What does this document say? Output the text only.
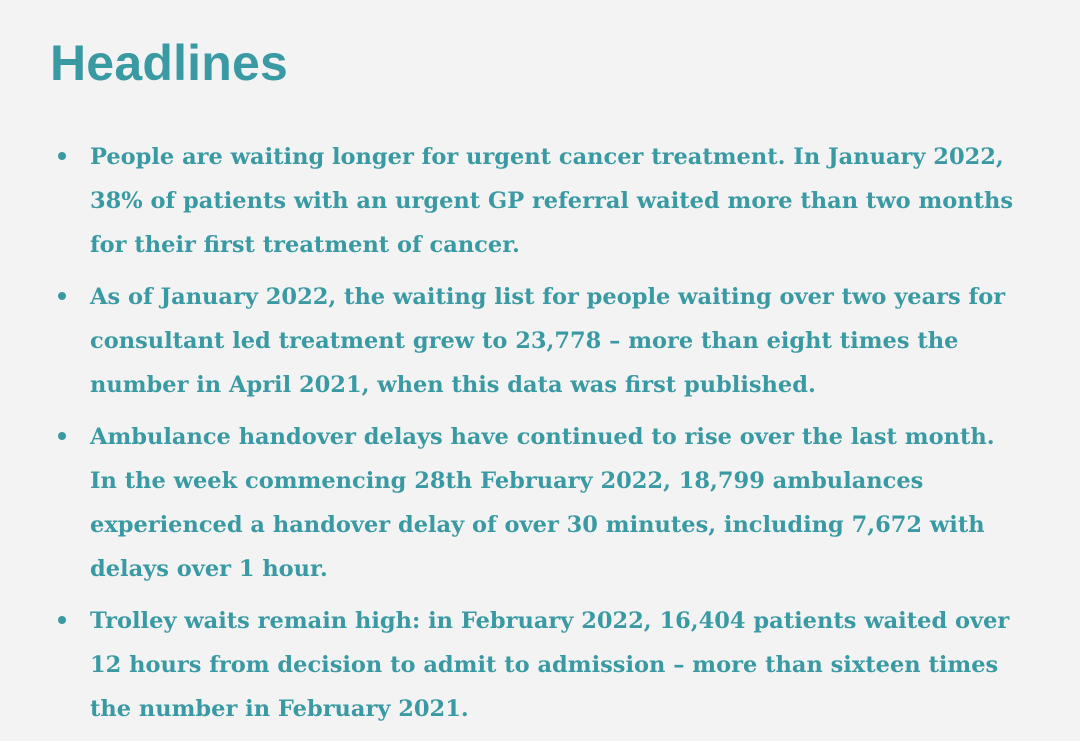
Headlines
People are waiting longer for urgent cancer treatment. In January 2022,
38% of patients with an urgent GP referral waited more than two months
for their first treatment of cancer.
As of January 2022, the waiting list for people waiting over two years for
consultant led treatment grew to 23,778 – more than eight times the
number in April 2021, when this data was first published.
Ambulance handover delays have continued to rise over the last month.
In the week commencing 28th February 2022, 18,799 ambulances
experienced a handover delay of over 30 minutes, including 7,672 with
delays over 1 hour.
Trolley waits remain high: in February 2022, 16,404 patients waited over
12 hours from decision to admit to admission – more than sixteen times
the number in February 2021.
